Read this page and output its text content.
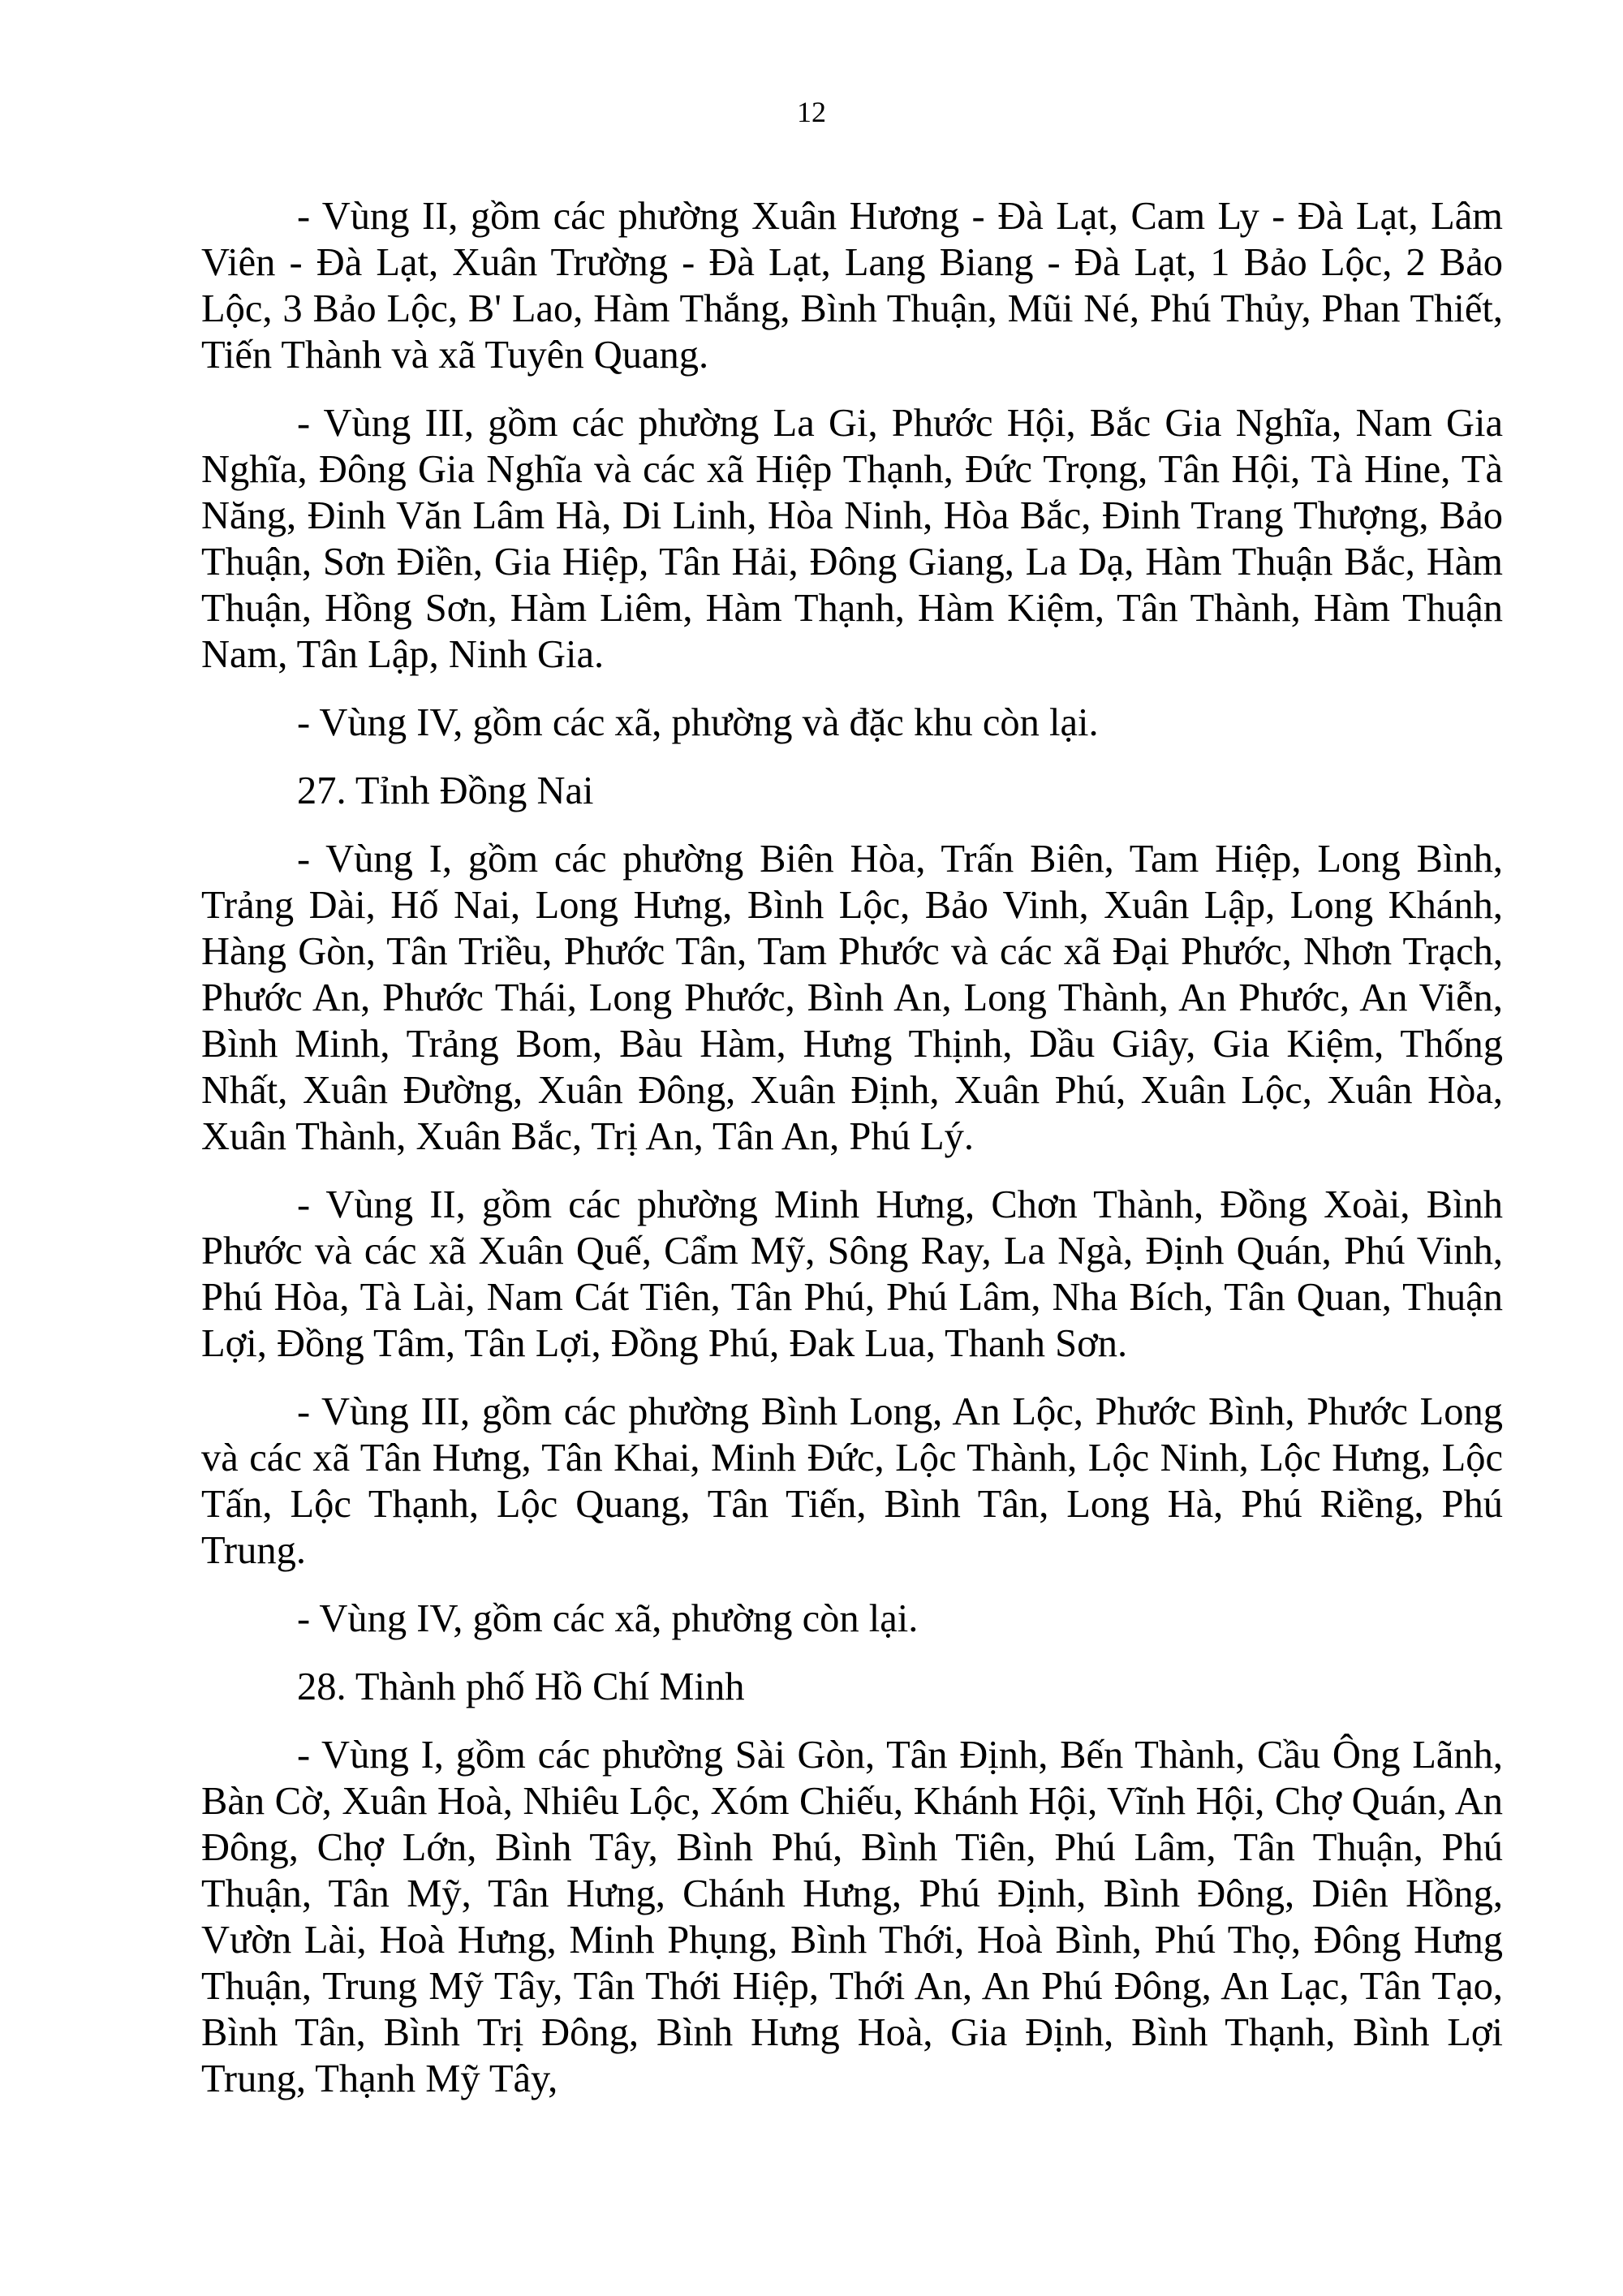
12

- Vùng II, gồm các phường Xuân Hương - Đà Lạt, Cam Ly - Đà Lạt, Lâm Viên - Đà Lạt, Xuân Trường - Đà Lạt, Lang Biang - Đà Lạt, 1 Bảo Lộc, 2 Bảo Lộc, 3 Bảo Lộc, B' Lao, Hàm Thắng, Bình Thuận, Mũi Né, Phú Thủy, Phan Thiết, Tiến Thành và xã Tuyên Quang.

- Vùng III, gồm các phường La Gi, Phước Hội, Bắc Gia Nghĩa, Nam Gia Nghĩa, Đông Gia Nghĩa và các xã Hiệp Thạnh, Đức Trọng, Tân Hội, Tà Hine, Tà Năng, Đinh Văn Lâm Hà, Di Linh, Hòa Ninh, Hòa Bắc, Đinh Trang Thượng, Bảo Thuận, Sơn Điền, Gia Hiệp, Tân Hải, Đông Giang, La Dạ, Hàm Thuận Bắc, Hàm Thuận, Hồng Sơn, Hàm Liêm, Hàm Thạnh, Hàm Kiệm, Tân Thành, Hàm Thuận Nam, Tân Lập, Ninh Gia.

- Vùng IV, gồm các xã, phường và đặc khu còn lại.

27. Tỉnh Đồng Nai

- Vùng I, gồm các phường Biên Hòa, Trấn Biên, Tam Hiệp, Long Bình, Trảng Dài, Hố Nai, Long Hưng, Bình Lộc, Bảo Vinh, Xuân Lập, Long Khánh, Hàng Gòn, Tân Triều, Phước Tân, Tam Phước và các xã Đại Phước, Nhơn Trạch, Phước An, Phước Thái, Long Phước, Bình An, Long Thành, An Phước, An Viễn, Bình Minh, Trảng Bom, Bàu Hàm, Hưng Thịnh, Dầu Giây, Gia Kiệm, Thống Nhất, Xuân Đường, Xuân Đông, Xuân Định, Xuân Phú, Xuân Lộc, Xuân Hòa, Xuân Thành, Xuân Bắc, Trị An, Tân An, Phú Lý.

- Vùng II, gồm các phường Minh Hưng, Chơn Thành, Đồng Xoài, Bình Phước và các xã Xuân Quế, Cẩm Mỹ, Sông Ray, La Ngà, Định Quán, Phú Vinh, Phú Hòa, Tà Lài, Nam Cát Tiên, Tân Phú, Phú Lâm, Nha Bích, Tân Quan, Thuận Lợi, Đồng Tâm, Tân Lợi, Đồng Phú, Đak Lua, Thanh Sơn.

- Vùng III, gồm các phường Bình Long, An Lộc, Phước Bình, Phước Long và các xã Tân Hưng, Tân Khai, Minh Đức, Lộc Thành, Lộc Ninh, Lộc Hưng, Lộc Tấn, Lộc Thạnh, Lộc Quang, Tân Tiến, Bình Tân, Long Hà, Phú Riềng, Phú Trung.

- Vùng IV, gồm các xã, phường còn lại.

28. Thành phố Hồ Chí Minh

- Vùng I, gồm các phường Sài Gòn, Tân Định, Bến Thành, Cầu Ông Lãnh, Bàn Cờ, Xuân Hoà, Nhiêu Lộc, Xóm Chiếu, Khánh Hội, Vĩnh Hội, Chợ Quán, An Đông, Chợ Lớn, Bình Tây, Bình Phú, Bình Tiên, Phú Lâm, Tân Thuận, Phú Thuận, Tân Mỹ, Tân Hưng, Chánh Hưng, Phú Định, Bình Đông, Diên Hồng, Vườn Lài, Hoà Hưng, Minh Phụng, Bình Thới, Hoà Bình, Phú Thọ, Đông Hưng Thuận, Trung Mỹ Tây, Tân Thới Hiệp, Thới An, An Phú Đông, An Lạc, Tân Tạo, Bình Tân, Bình Trị Đông, Bình Hưng Hoà, Gia Định, Bình Thạnh, Bình Lợi Trung, Thạnh Mỹ Tây,
